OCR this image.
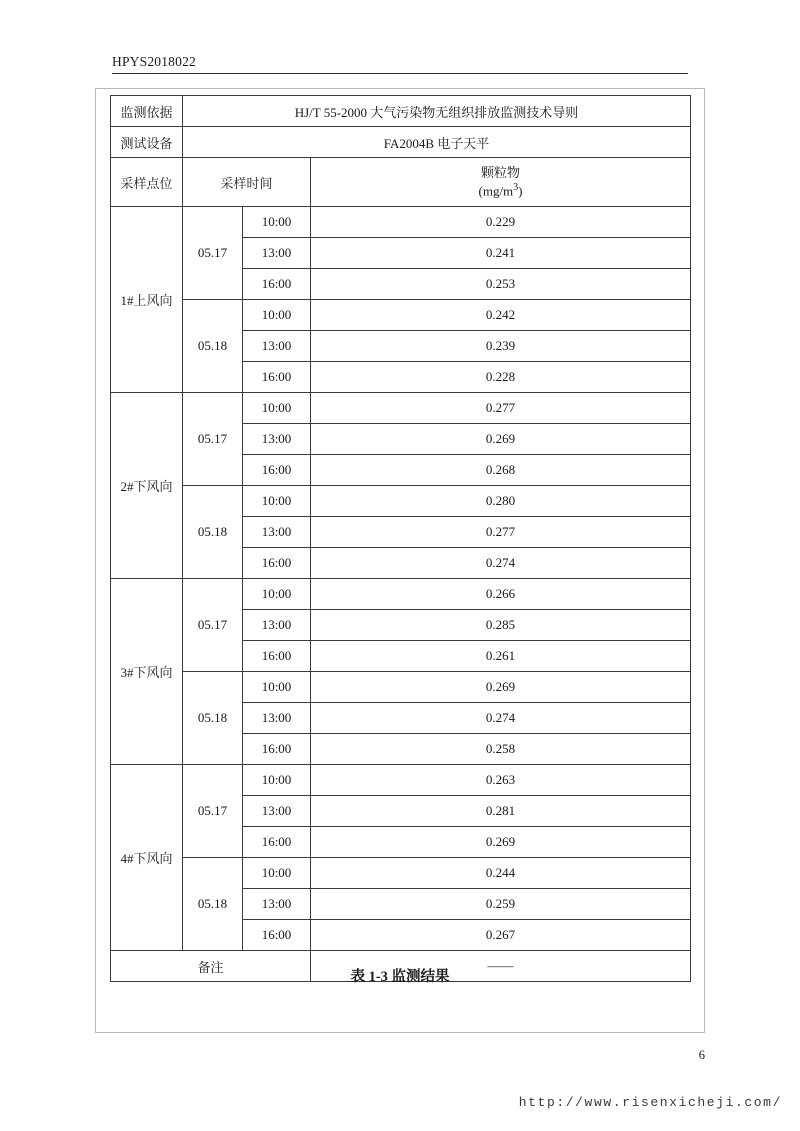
HPYS2018022
监测依据	HJ/T 55-2000 大气污染物无组织排放监测技术导则		
测试设备	FA2004B 电子天平		
采样点位	采样时间		颗粒物
$(mg/m^3)$

1#上风向	05.17	10:00	0.229
		13:00	0.241
		16:00	0.253
	05.18	10:00	0.242
		13:00	0.239
		16:00	0.228
2#下风向	05.17	10:00	0.277
		13:00	0.269
		16:00	0.268
	05.18	10:00	0.280
		13:00	0.277
		16:00	0.274
3#下风向	05.17	10:00	0.266
		13:00	0.285
		16:00	0.261
	05.18	10:00	0.269
		13:00	0.274
		16:00	0.258
4#下风向	05.17	10:00	0.263
		13:00	0.281
		16:00	0.269
	05.18	10:00	0.244
		13:00	0.259
		16:00	0.267
备注			——
表 1-3 监测结果
6
http://www.risenxicheji.com/
